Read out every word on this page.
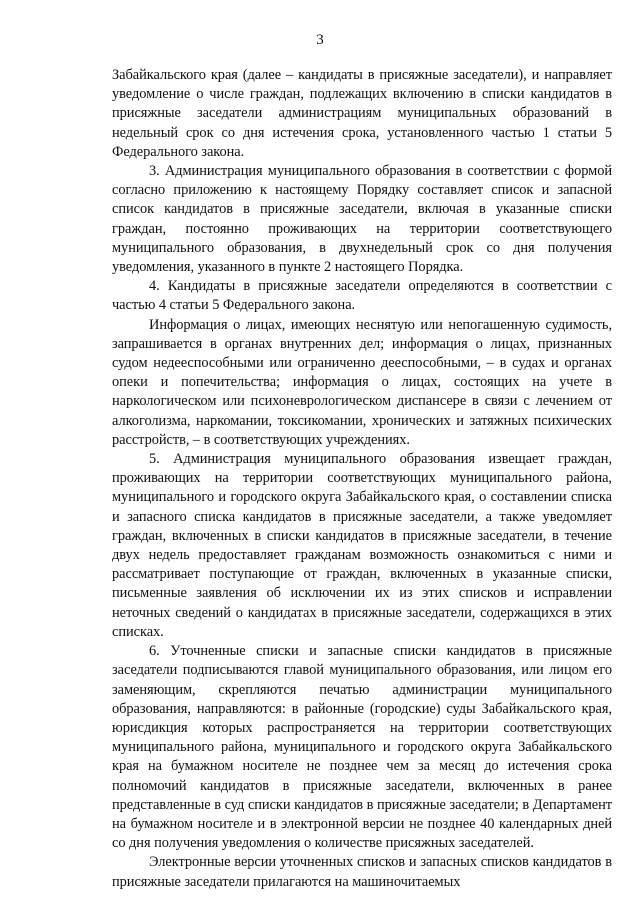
3

Забайкальского края (далее – кандидаты в присяжные заседатели), и направляет уведомление о числе граждан, подлежащих включению в списки кандидатов в присяжные заседатели администрациям муниципальных образований в недельный срок со дня истечения срока, установленного частью 1 статьи 5 Федерального закона.

3. Администрация муниципального образования в соответствии с формой согласно приложению к настоящему Порядку составляет список и запасной список кандидатов в присяжные заседатели, включая в указанные списки граждан, постоянно проживающих на территории соответствующего муниципального образования, в двухнедельный срок со дня получения уведомления, указанного в пункте 2 настоящего Порядка.

4. Кандидаты в присяжные заседатели определяются в соответствии с частью 4 статьи 5 Федерального закона.

Информация о лицах, имеющих неснятую или непогашенную судимость, запрашивается в органах внутренних дел; информация о лицах, признанных судом недееспособными или ограниченно дееспособными, – в судах и органах опеки и попечительства; информация о лицах, состоящих на учете в наркологическом или психоневрологическом диспансере в связи с лечением от алкоголизма, наркомании, токсикомании, хронических и затяжных психических расстройств, – в соответствующих учреждениях.

5. Администрация муниципального образования извещает граждан, проживающих на территории соответствующих муниципального района, муниципального и городского округа Забайкальского края, о составлении списка и запасного списка кандидатов в присяжные заседатели, а также уведомляет граждан, включенных в списки кандидатов в присяжные заседатели, в течение двух недель предоставляет гражданам возможность ознакомиться с ними и рассматривает поступающие от граждан, включенных в указанные списки, письменные заявления об исключении их из этих списков и исправлении неточных сведений о кандидатах в присяжные заседатели, содержащихся в этих списках.

6. Уточненные списки и запасные списки кандидатов в присяжные заседатели подписываются главой муниципального образования, или лицом его заменяющим, скрепляются печатью администрации муниципального образования, направляются: в районные (городские) суды Забайкальского края, юрисдикция которых распространяется на территории соответствующих муниципального района, муниципального и городского округа Забайкальского края на бумажном носителе не позднее чем за месяц до истечения срока полномочий кандидатов в присяжные заседатели, включенных в ранее представленные в суд списки кандидатов в присяжные заседатели; в Департамент на бумажном носителе и в электронной версии не позднее 40 календарных дней со дня получения уведомления о количестве присяжных заседателей.

Электронные версии уточненных списков и запасных списков кандидатов в присяжные заседатели прилагаются на машиночитаемых
